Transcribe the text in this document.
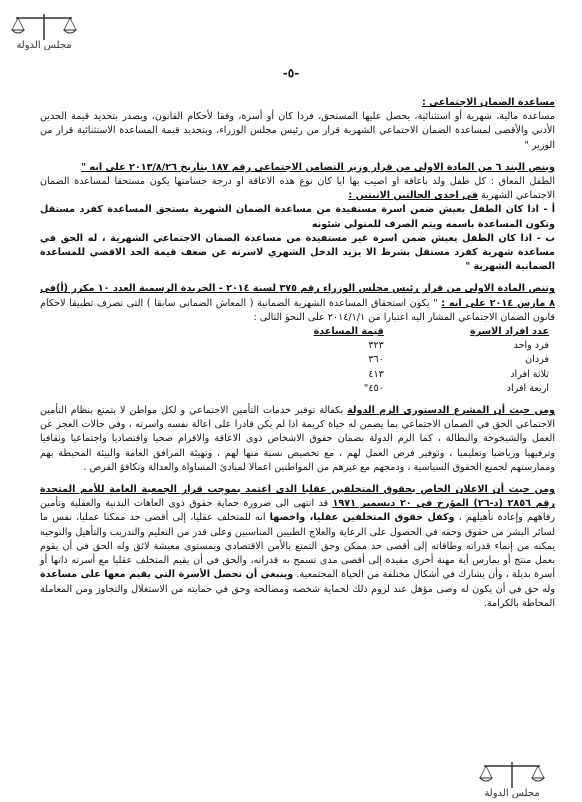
مجلس الدولة
-٥-

مساعدة الضمان الاجتماعي :

مساعدة مالية، شهرية أو استثنائية، يحصل عليها المستحق، فردا كان أو أسرة، وفقا لأحكام القانون، ويصدر بتحديد قيمة الحدين الأدني والأقصى لمساعدة الضمان الاجتماعي الشهرية قرار من رئيس مجلس الوزراء، وبتحديد قيمة المساعدة الاستثنائية قرار من الوزير "

وينص البند ٦ من المادة الاولى من قرار وزير التضامن الاجتماعي رقم ١٨٧ بتاريخ ٢٠١٣/٨/٢٦ على انه "

الطفل المعاق : كل طفل ولد باعاقة او اصيب بها ايا كان نوع هذه الاعاقة او درجة جسامتها يكون مستحقا لمساعدة الضمان الاجتماعي الشهرية في احدى الحالتين الاتيتين :

أ - اذا كان الطفل يعيش ضمن اسرة مستفيدة من مساعدة الضمان الشهرية يستحق المساعدة كفرد مستقل وتكون المساعدة باسمه ويتم الصرف للمتولي شئونه

ب - اذا كان الطفل يعيش ضمن اسرة غير مستفيدة من مساعدة الضمان الاجتماعي الشهرية ، له الحق في مساعدة شهرية كفرد مستقل بشرط الا يزيد الدخل الشهري لاسرته عن ضعف قيمة الحد الاقصي للمساعدة الضمانية الشهرية "

وتنص المادة الاولى من قرار رئيس مجلس الوزراء رقم ٣٧٥ لسنة ٢٠١٤ - الجريدة الرسمية العدد ١٠ مكرر (أ)في ٨ مارس ٢٠١٤ على انه : " يكون استحقاق المساعدة الشهرية الضمانية ( المعاش الضماني سابقا ) التى تصرف تطبيقا لاحكام قانون الضمان الاجتماعي المشار اليه اعتبارا من ٢٠١٤/١/١ على النحو التالى :

عدد افراد الاسرة	قيمة المساعدة
فرد واحد	٣٢٣
فردان	٣٦٠
ثلاثة افراد	٤١٣
اربعة افراد	٤٥٠"

ومن حيث أن المشرع الدستورى الزم الدولة بكفالة توفير خدمات التأمين الاجتماعي و لكل مواطن لا يتمتع بنظام التأمين الاجتماعي الحق في الضمان الاجتماعي بما يضمن له حياة كريمة اذا لم يكن قادرا على اعالة نفسه واسرته ، وفي حالات العجز عن العمل والشيخوخة والبطالة ، كما الزم الدولة بضمان حقوق الاشخاص ذوى الاعاقة والاقزام صحيا واقتصاديا واجتماعيا وثقافيا وترفيهيا ورياضيا وتعليميا ، وتوفير فرص العمل لهم ، مع تخصيص نسبة منها لهم ، وتهيئة المرافق العامة والبيئة المحيطة بهم وممارستهم لجميع الحقوق السياسية ، ودمجهم مع غيرهم من المواطنين اعمالا لمبادئ المساواة والعدالة وتكافؤ الفرص .

ومن حيث أن الاعلان الخاص بحقوق المتخلفين عقليا الذى اعتمد بموجب قرار الجمعية العامة للأمم المتحدة رقم ٢٨٥٦ (د-٢٦) المؤرخ في ٢٠ ديسمبر ١٩٧١ قد انتهى الى ضرورة حماية حقوق ذوى العاهات البدنية والعقلية وتأمين رفاههم وإعادة تأهيلهم ، وكفل حقوق المتخلفين عقليا، واخصها انه للمتخلف عقليا، إلى أقصى حد ممكنا عمليا، نفس ما لسائر البشر من حقوق وحقه في الحصول على الرعاية والعلاج الطبيين المناسبين وعلى قدر من التعليم والتدريب والتأهيل والتوجيه يمكنه من إنماء قدراته وطاقاته إلى أقصى حد ممكن وحق التمتع بالأمن الاقتصادي وبمستوى معيشة لائق وله الحق في أن يقوم بعمل منتج أو يمارس أية مهنة أخرى مفيدة إلى أقصى مدى تسمح به قدراته، والحق في أن يقيم المتخلف عقليا مع أسرته ذاتها أو أسرة بديلة ، وأن يشارك في أشكال مختلفة من الحياة المجتمعية. وينبغي أن تحصل الأسرة التي يقيم معها على مساعدة وله حق في أن يكون له وصى مؤهل عند لزوم ذلك لحماية شخصه ومصالحه وحق في حمايته من الاستغلال والتجاوز ومن المعاملة المحاطة بالكرامة.

مجلس الدولة
